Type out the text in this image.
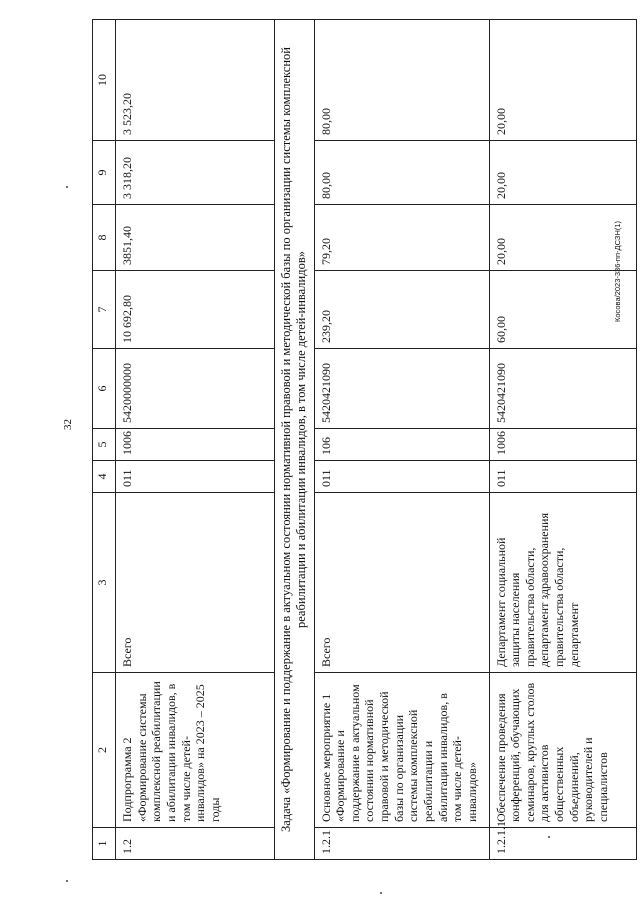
32
Косова/2023-336-пп-ДСЗН(1)
1	2	3	4	5	6	7	8	9	10
1.2	Подпрограмма 2 «Формирование системы комплексной реабилитации и абилитации инвалидов, в том числе детей-инвалидов» на 2023 – 2025 годы	Всего	011	1006	5420000000	10 692,80	3851,40	3 318,20	3 523,20
Задача «Формирование и поддержание в актуальном состоянии нормативной правовой и методической базы по организации системы комплексной реабилитации и абилитации инвалидов, в том числе детей-инвалидов»									
1.2.1	Основное мероприятие 1 «Формирование и поддержание в актуальном состоянии нормативной правовой и методической базы по организации системы комплексной реабилитации и абилитации инвалидов, в том числе детей-инвалидов»	Всего	011	106	5420421090	239,20	79,20	80,00	80,00
1.2.1.1	Обеспечение проведения конференций, обучающих семинаров, круглых столов для активистов общественных объединений, руководителей и специалистов	Департамент социальной защиты населения правительства области, департамент здравоохранения правительства области, департамент	011	1006	5420421090	60,00	20,00	20,00	20,00
